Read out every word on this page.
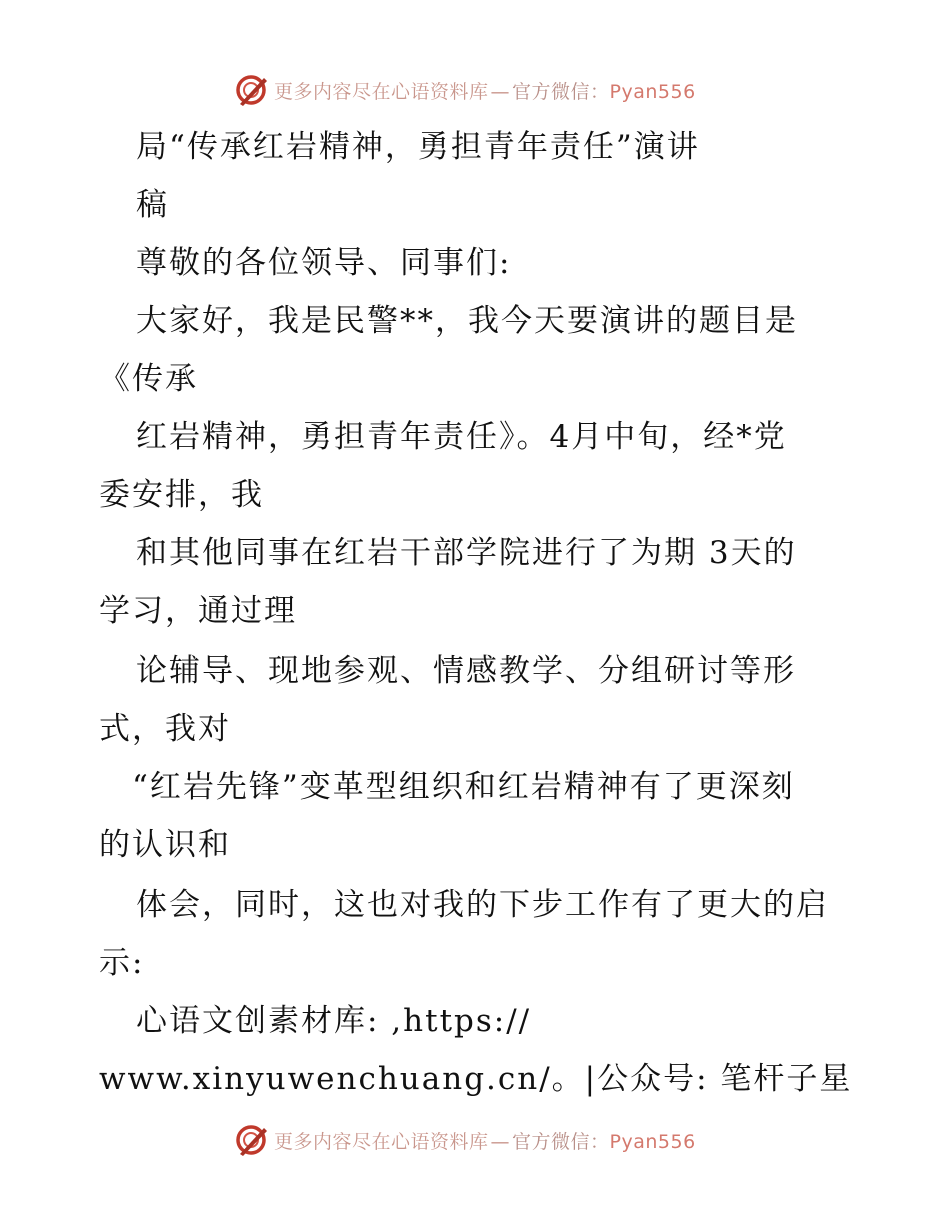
更多内容尽在心语资料库 — 官方微信：Pyan556
局“传承红岩精神，勇担青年责任”演讲
稿
尊敬的各位领导、同事们:
大家好，我是民警**，我今天要演讲的题目是
《传承
红岩精神，勇担青年责任》。4月中旬，经*党
委安排，我
和其他同事在红岩干部学院进行了为期 3天的
学习，通过理
论辅导、现地参观、情感教学、分组研讨等形
式，我对
“红岩先锋”变革型组织和红岩精神有了更深刻
的认识和
体会，同时，这也对我的下步工作有了更大的启
示:
心语文创素材库: ,https://
www.xinyuwenchuang.cn/。|公众号: 笔杆子星
更多内容尽在心语资料库 — 官方微信：Pyan556
